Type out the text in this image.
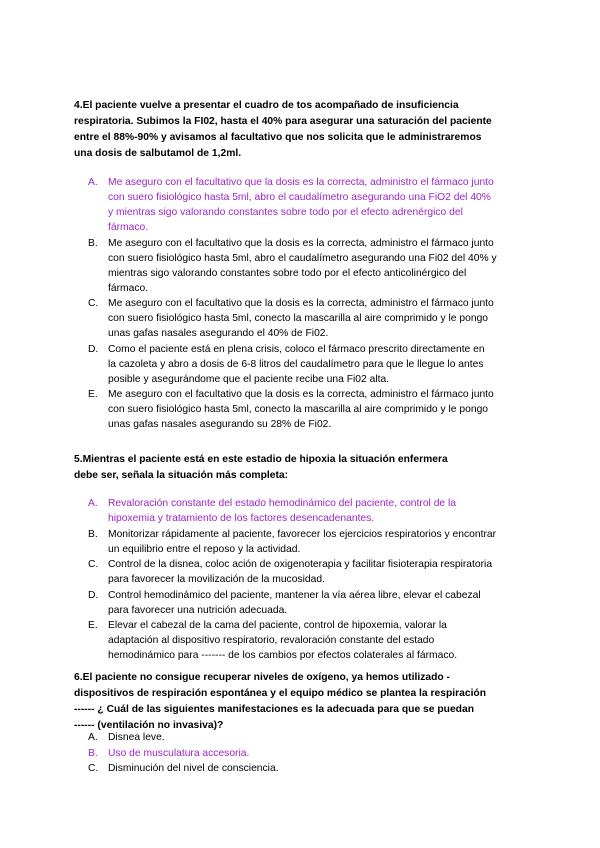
4.El paciente vuelve a presentar el cuadro de tos acompañado de insuficiencia
respiratoria. Subimos la FI02, hasta el 40% para asegurar una saturación del paciente
entre el 88%-90% y avisamos al facultativo que nos solicita que le administraremos
una dosis de salbutamol de 1,2ml.
A. Me aseguro con el facultativo que la dosis es la correcta, administro el fármaco junto
con suero fisiológico hasta 5ml, abro el caudalímetro asegurando una FiO2 del 40%
y mientras sigo valorando constantes sobre todo por el efecto adrenérgico del
fármaco.
B. Me aseguro con el facultativo que la dosis es la correcta, administro el fármaco junto
con suero fisiológico hasta 5ml, abro el caudalímetro asegurando una Fi02 del 40% y
mientras sigo valorando constantes sobre todo por el efecto anticolinérgico del
fármaco.
C. Me aseguro con el facultativo que la dosis es la correcta, administro el fármaco junto
con suero fisiológico hasta 5ml, conecto la mascarilla al aire comprimido y le pongo
unas gafas nasales asegurando el 40% de Fi02.
D. Como el paciente está en plena crisis, coloco el fármaco prescrito directamente en
la cazoleta y abro a dosis de 6-8 litros del caudalímetro para que le llegue lo antes
posible y asegurándome que el paciente recibe una Fi02 alta.
E. Me aseguro con el facultativo que la dosis es la correcta, administro el fármaco junto
con suero fisiológico hasta 5ml, conecto la mascarilla al aire comprimido y le pongo
unas gafas nasales asegurando su 28% de Fi02.
5.Mientras el paciente está en este estadio de hipoxia la situación enfermera
debe ser, señala la situación más completa:
A. Revaloración constante del estado hemodinámico del paciente, control de la
hipoxemia y tratamiento de los factores desencadenantes.
B. Monitorizar rápidamente al paciente, favorecer los ejercicios respiratorios y encontrar
un equilibrio entre el reposo y la actividad.
C. Control de la disnea, coloc ación de oxigenoterapia y facilitar fisioterapia respiratoria
para favorecer la movilización de la mucosidad.
D. Control hemodinámico del paciente, mantener la vía aérea libre, elevar el cabezal
para favorecer una nutrición adecuada.
E. Elevar el cabezal de la cama del paciente, control de hipoxemia, valorar la
adaptación al dispositivo respiratorio, revaloración constante del estado
hemodinámico para ------- de los cambios por efectos colaterales al fármaco.
6.El paciente no consigue recuperar niveles de oxígeno, ya hemos utilizado -
dispositivos de respiración espontánea y el equipo médico se plantea la respiración
------ ¿ Cuál de las siguientes manifestaciones es la adecuada para que se puedan
------ (ventilación no invasiva)?
A. Disnea leve.
B. Uso de musculatura accesoria.
C. Disminución del nivel de consciencia.
